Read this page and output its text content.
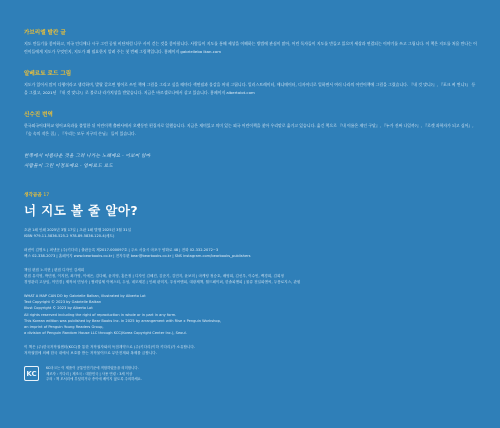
가브리엘 발칸 글
지도 만들기를 좋아하고, 미국 인디애나 시구 그린 공원 비단처럼 나무 사이 걷는 것을 좋아합니다. 사람들이 지도를 통해 세상을 이해하는 방법에 관심이 많아, 어린 독자들이 지도를 만들고 읽으며 세상과 연결되는 이야기를 쓰고 그립니다. 이 책은 지도를 처음 만나는 어린이들에게 지도가 무엇인지, 지도가 왜 필요한지 알려 주는 첫 번째 그림책입니다. 홈페이지 gabrielleba lkan.com
알베르토 로드 그림
지도가 있어서 많이 다행이라고 생각하며, 발랄 같으면 영어로 쓰인 책에 그림을 그리고 싶을 때마다 색연필과 물감을 꺼내 그립니다. 일러스트레이터, 애니메이터, 디자이너로 일하면서 여러 나라의 어린이책에 그림을 그렸습니다. 『내 것 맞니?』, 『포크 찌 찐니?』 등을 그렸고, 2021년 『내 것 맞니?』로 볼로냐 라가치상을 받았습니다. 지금은 바르셀로나에서 살고 있습니다. 홈페이지 albertolot.com
신수진 번역
한국외국어대학교 영어교육과를 졸업한 뒤 어린이책 출판사에서 오랫동안 편집자로 일했습니다. 지금은 재미있고 의미 있는 외국 어린이책을 찾아 우리말로 옮기고 있습니다. 옮긴 책으로 『내 이름은 제인 구달』, 『누가 진짜 나일까?』, 『로켓 과학자가 되고 싶어』, 『숲 속의 작은 집』, 『우리는 모두 지구의 손님』 들이 있습니다.
한쪽에서 아름다운 것을 그려 나가는 노래예요 - 이보미 엄마
사람들이 그린 이정표예요 - 엄마로도 로드
생각곰곰 17
너 지도 볼 줄 알아?
초판 1쇄 인쇄 2025년 3월 17일 | 초판 1쇄 발행 2025년 3월 31일
ISBN 979-11-5836-525-2 978-89-5836-120-4(세트)
펴낸이 김병오 | 펴낸곳 (주)키다리 | 출판등록 제2017-000097호 | 주소 서울시 마포구 양화로 48 | 전화 02-332-2072~3
팩스 02-338-2073 | 홈페이지 www.bearbooks.co.kr | 전자우편 bear@bearbooks.co.kr | SNS instagram.com/bearbooks_publishers
책임 편집 노지현 | 편집 디자인 김세희
편집 유지영, 박민정, 이지현, 최가영, 이예은, 김다혜, 윤지영, 홍은정 | 디자인 김혜진, 김준기, 김민지, 윤보미 | 마케팅 정승호, 배영희, 김선우, 이수빈, 백경희, 김희정
경영관리 고상임, 이민경 | 제작처 민성사 | 협력업체 이에스티, 두성, 네모제본 | 인쇄 판미지, 우성씨앤피, 대광제책, 월드페이퍼, 한솔피앤피 | 물류 천일피앤씨, 두풍로지스, 관원
WHAT A MAP CAN DO by Gabrielle Balkan, illustrated by Alberto Lot
Text Copyright © 2023 by Gabrielle Balkan
Illust Copyright © 2023 by Alberto Lot
All rights reserved including the right of reproduction in whole or in part in any form.
This Korean edition was published by Bear Books Inc. in 2025 by arrangement with Rise x Penguin Workshop,
an imprint of Penguin Young Readers Group,
a division of Penguin Random House LLC through KCC(Korea Copyright Center Inc.), Seoul.
이 책은 (주)한국저작권센터(KCC)를 통한 저작권자와의 독점계약으로 (주)키다리(이하 키다리)가 소유합니다.
저작권법에 의해 한국 내에서 보호를 받는 저작물이므로 무단전재와 복제를 금합니다.
KC
KC마크는 이 제품이 공통안전기준에 적합하였음을 의미합니다.
제조자 : 키다리 | 제조국 : 대한민국 | 사용 연령 : 3세 이상
주의 : 책 모서리에 부딪히거나 종이에 베이지 않도록 주의하세요.
